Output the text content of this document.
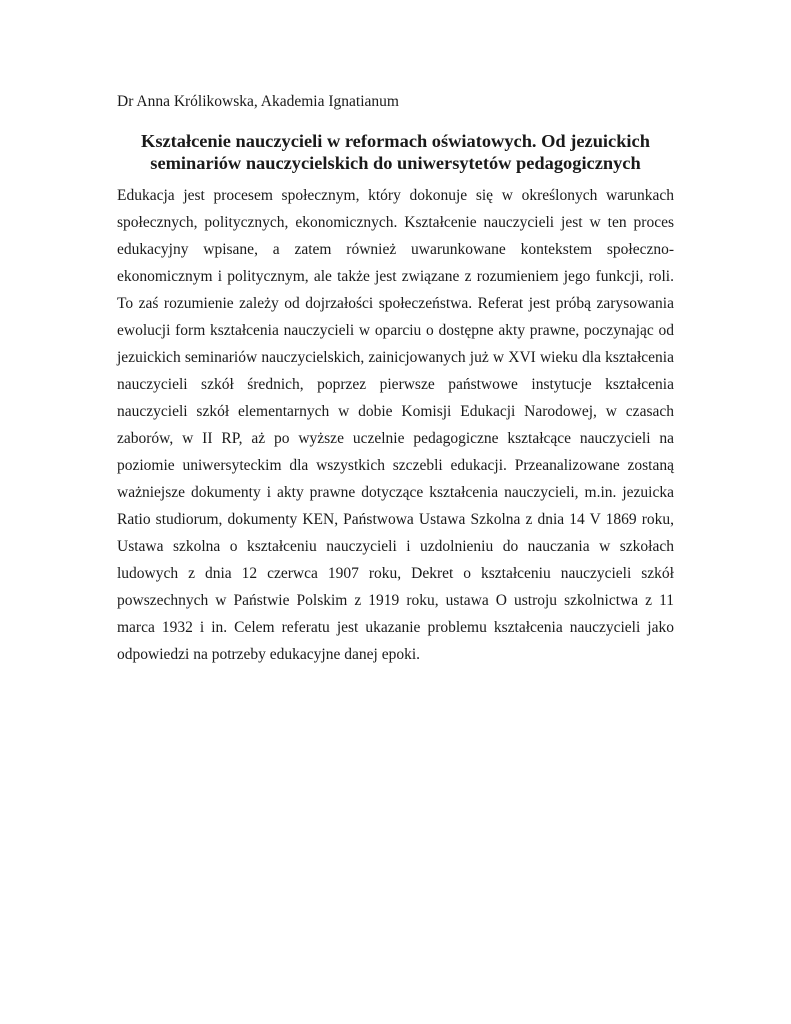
Dr Anna Królikowska, Akademia Ignatianum
Kształcenie nauczycieli w reformach oświatowych. Od jezuickich
seminariów nauczycielskich do uniwersytetów pedagogicznych
Edukacja jest procesem społecznym, który dokonuje się w określonych warunkach
społecznych, politycznych, ekonomicznych. Kształcenie nauczycieli jest w ten proces
edukacyjny wpisane, a zatem również uwarunkowane kontekstem społeczno-
ekonomicznym i politycznym, ale także jest związane z rozumieniem jego funkcji, roli.
To zaś rozumienie zależy od dojrzałości społeczeństwa. Referat jest próbą zarysowania
ewolucji form kształcenia nauczycieli w oparciu o dostępne akty prawne, poczynając od
jezuickich seminariów nauczycielskich, zainicjowanych już w XVI wieku dla kształcenia
nauczycieli szkół średnich, poprzez pierwsze państwowe instytucje kształcenia
nauczycieli szkół elementarnych w dobie Komisji Edukacji Narodowej, w czasach
zaborów, w II RP, aż po wyższe uczelnie pedagogiczne kształcące nauczycieli na
poziomie uniwersyteckim dla wszystkich szczebli edukacji. Przeanalizowane zostaną
ważniejsze dokumenty i akty prawne dotyczące kształcenia nauczycieli, m.in. jezuicka
Ratio studiorum, dokumenty KEN, Państwowa Ustawa Szkolna z dnia 14 V 1869 roku,
Ustawa szkolna o kształceniu nauczycieli i uzdolnieniu do nauczania w szkołach
ludowych z dnia 12 czerwca 1907 roku, Dekret o kształceniu nauczycieli szkół
powszechnych w Państwie Polskim z 1919 roku, ustawa O ustroju szkolnictwa z 11
marca 1932 i in. Celem referatu jest ukazanie problemu kształcenia nauczycieli jako
odpowiedzi na potrzeby edukacyjne danej epoki.
